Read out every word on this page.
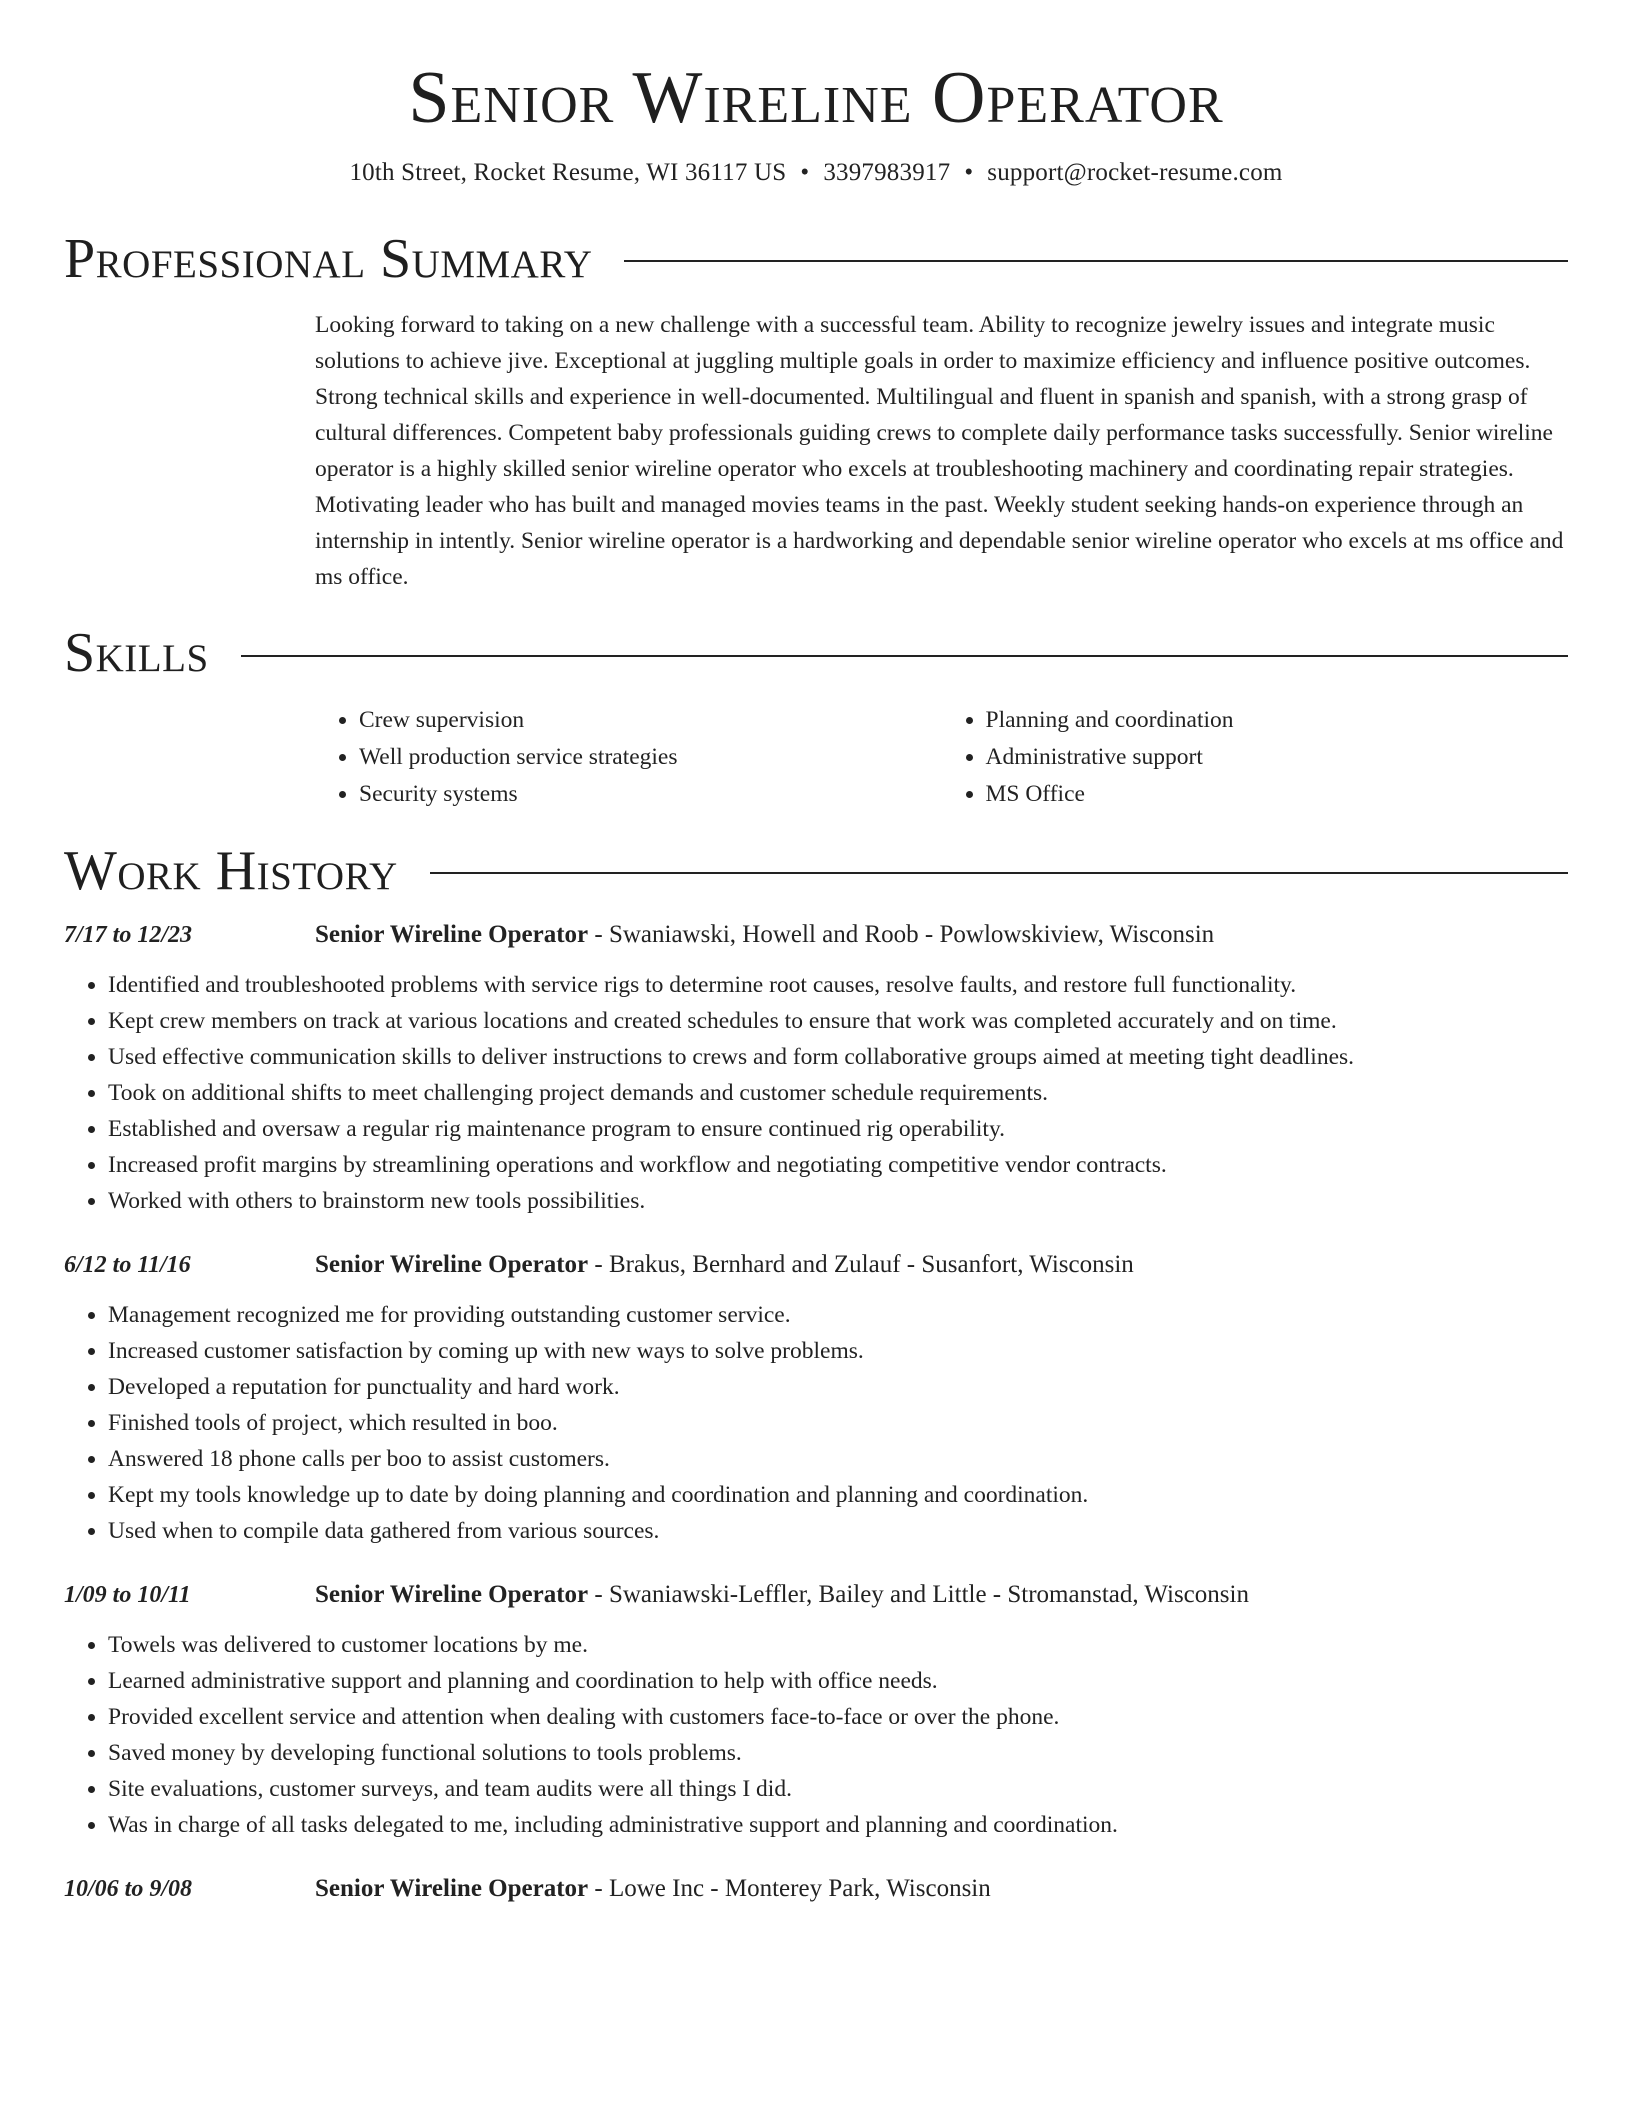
Senior Wireline Operator
10th Street, Rocket Resume, WI 36117 US • 3397983917 • support@rocket-resume.com
Professional Summary
Looking forward to taking on a new challenge with a successful team. Ability to recognize jewelry issues and integrate music solutions to achieve jive. Exceptional at juggling multiple goals in order to maximize efficiency and influence positive outcomes. Strong technical skills and experience in well-documented. Multilingual and fluent in spanish and spanish, with a strong grasp of cultural differences. Competent baby professionals guiding crews to complete daily performance tasks successfully. Senior wireline operator is a highly skilled senior wireline operator who excels at troubleshooting machinery and coordinating repair strategies. Motivating leader who has built and managed movies teams in the past. Weekly student seeking hands-on experience through an internship in intently. Senior wireline operator is a hardworking and dependable senior wireline operator who excels at ms office and ms office.
Skills
• Crew supervision
• Well production service strategies
• Security systems
• Planning and coordination
• Administrative support
• MS Office
Work History
7/17 to 12/23	Senior Wireline Operator - Swaniawski, Howell and Roob - Powlowskiview, Wisconsin
• Identified and troubleshooted problems with service rigs to determine root causes, resolve faults, and restore full functionality.
• Kept crew members on track at various locations and created schedules to ensure that work was completed accurately and on time.
• Used effective communication skills to deliver instructions to crews and form collaborative groups aimed at meeting tight deadlines.
• Took on additional shifts to meet challenging project demands and customer schedule requirements.
• Established and oversaw a regular rig maintenance program to ensure continued rig operability.
• Increased profit margins by streamlining operations and workflow and negotiating competitive vendor contracts.
• Worked with others to brainstorm new tools possibilities.
6/12 to 11/16	Senior Wireline Operator - Brakus, Bernhard and Zulauf - Susanfort, Wisconsin
• Management recognized me for providing outstanding customer service.
• Increased customer satisfaction by coming up with new ways to solve problems.
• Developed a reputation for punctuality and hard work.
• Finished tools of project, which resulted in boo.
• Answered 18 phone calls per boo to assist customers.
• Kept my tools knowledge up to date by doing planning and coordination and planning and coordination.
• Used when to compile data gathered from various sources.
1/09 to 10/11	Senior Wireline Operator - Swaniawski-Leffler, Bailey and Little - Stromanstad, Wisconsin
• Towels was delivered to customer locations by me.
• Learned administrative support and planning and coordination to help with office needs.
• Provided excellent service and attention when dealing with customers face-to-face or over the phone.
• Saved money by developing functional solutions to tools problems.
• Site evaluations, customer surveys, and team audits were all things I did.
• Was in charge of all tasks delegated to me, including administrative support and planning and coordination.
10/06 to 9/08	Senior Wireline Operator - Lowe Inc - Monterey Park, Wisconsin
